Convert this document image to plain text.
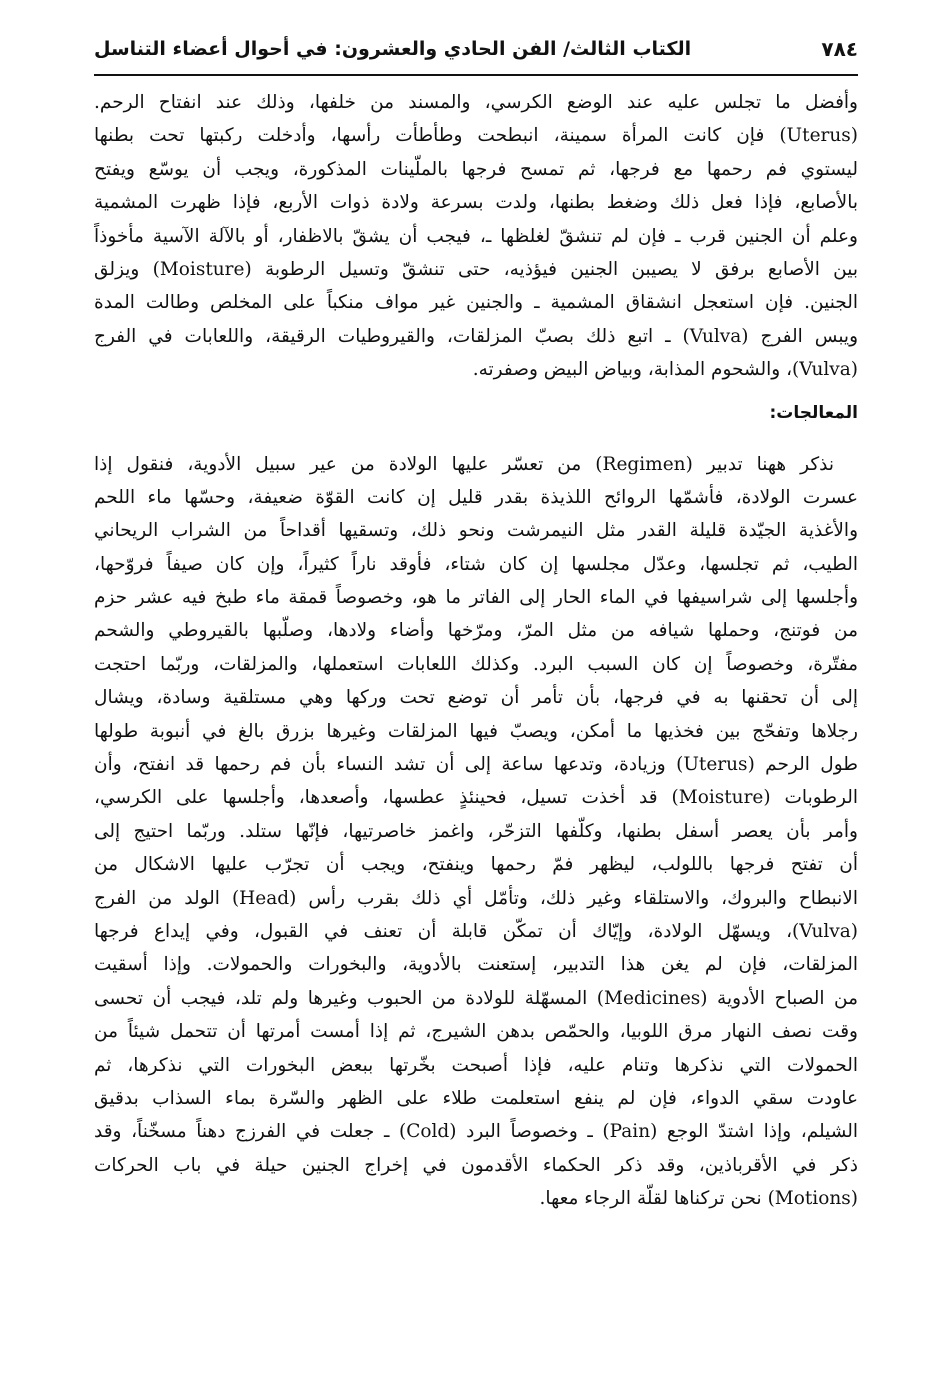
٧٨٤
الكتاب الثالث/ الفن الحادي والعشرون: في أحوال أعضاء التناسل
وأفضل ما تجلس عليه عند الوضع الكرسي، والمسند من خلفها، وذلك عند انفتاح الرحم.
(Uterus) فإن كانت المرأة سمينة، انبطحت وطأطأت رأسها، وأدخلت ركبتها تحت بطنها
ليستوي فم رحمها مع فرجها، ثم تمسح فرجها بالملّينات المذكورة، ويجب أن يوسّع ويفتح
بالأصابع، فإذا فعل ذلك وضغط بطنها، ولدت بسرعة ولادة ذوات الأربع، فإذا ظهرت المشمية
وعلم أن الجنين قرب ـ فإن لم تنشقّ لغلظها ـ، فيجب أن يشقّ بالاظفار، أو بالآلة الآسية مأخوذاً
بين الأصابع برفق لا يصيبن الجنين فيؤذيه، حتى تنشقّ وتسيل الرطوبة (Moisture) ويزلق
الجنين. فإن استعجل انشقاق المشمية ـ والجنين غير مواف منكباً على المخلص وطالت المدة
ويبس الفرج (Vulva) ـ اتبع ذلك بصبّ المزلقات، والقيروطيات الرقيقة، واللعابات في الفرج
(Vulva)، والشحوم المذابة، وبياض البيض وصفرته.
المعالجات:
نذكر ههنا تدبير (Regimen) من تعسّر عليها الولادة من عير سبيل الأدوية، فنقول إذا
عسرت الولادة، فأشمّها الروائح اللذيذة بقدر قليل إن كانت القوّة ضعيفة، وحسّها ماء اللحم
والأغذية الجيّدة قليلة القدر مثل النيمرشت ونحو ذلك، وتسقيها أقداحاً من الشراب الريحاني
الطيب، ثم تجلسها، وعدّل مجلسها إن كان شتاء، فأوقد ناراً كثيراً، وإن كان صيفاً فروّحها،
وأجلسها إلى شراسيفها في الماء الحار إلى الفاتر ما هو، وخصوصاً قمقة ماء طبخ فيه عشر حزم
من فوتنج، وحملها شيافه من مثل المرّ، ومرّخها وأضاء ولادها، وصلّبها بالقيروطي والشحم
مفتّرة، وخصوصاً إن كان السبب البرد. وكذلك اللعابات استعملها، والمزلقات، وربّما احتجت
إلى أن تحقنها به في فرجها، بأن تأمر أن توضع تحت وركها وهي مستلقية وسادة، ويشال
رجلاها وتفحّج بين فخذيها ما أمكن، ويصبّ فيها المزلقات وغيرها بزرق بالغ في أنبوبة طولها
طول الرحم (Uterus) وزيادة، وتدعها ساعة إلى أن تشد النساء بأن فم رحمها قد انفتح، وأن
الرطوبات (Moisture) قد أخذت تسيل، فحينئذٍ عطسها، وأصعدها، وأجلسها على الكرسي،
وأمر بأن يعصر أسفل بطنها، وكلّفها التزحّر، واغمز خاصرتيها، فإنّها ستلد. وربّما احتيج إلى
أن تفتح فرجها باللولب، ليظهر فمّ رحمها وينفتح، ويجب أن تجرّب عليها الاشكال من
الانبطاح والبروك، والاستلقاء وغير ذلك، وتأمّل أي ذلك بقرب رأس (Head) الولد من الفرج
(Vulva)، ويسهّل الولادة، وإيّاك أن تمكّن قابلة أن تعنف في القبول، وفي إيداع فرجها
المزلقات، فإن لم يغن هذا التدبير، إستعنت بالأدوية، والبخورات والحمولات. وإذا أسقيت
من الصباح الأدوية (Medicines) المسهّلة للولادة من الحبوب وغيرها ولم تلد، فيجب أن تحسى
وقت نصف النهار مرق اللوبيا، والحمّص بدهن الشيرج، ثم إذا أمست أمرتها أن تتحمل شيئاً من
الحمولات التي نذكرها وتنام عليه، فإذا أصبحت بخّرتها ببعض البخورات التي نذكرها، ثم
عاودت سقي الدواء، فإن لم ينفع استعلمت طلاء على الظهر والسّرة بماء السذاب بدقيق
الشيلم، وإذا اشتدّ الوجع (Pain) ـ وخصوصاً البرد (Cold) ـ جعلت في الفرزج دهناً مسخّناً، وقد
ذكر في الأقرباذين، وقد ذكر الحكماء الأقدمون في إخراج الجنين حيلة في باب الحركات
(Motions) نحن تركناها لقلّة الرجاء معها.
